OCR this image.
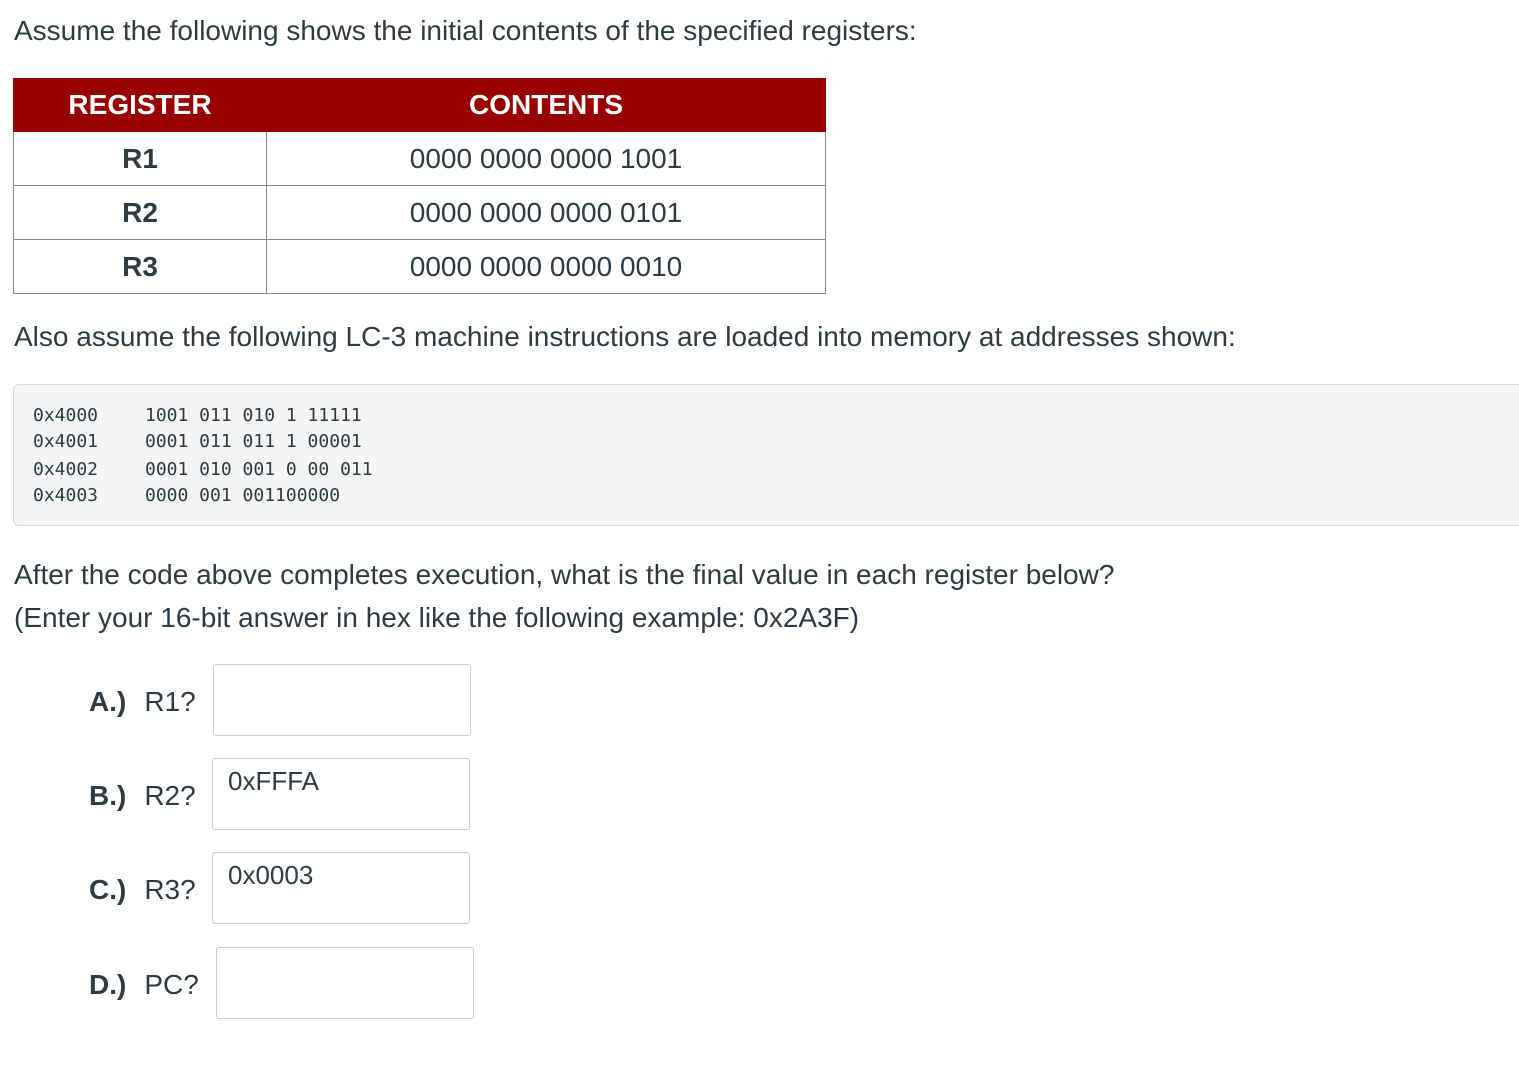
Assume the following shows the initial contents of the specified registers:

REGISTER	CONTENTS
R1	0000 0000 0000 1001
R2	0000 0000 0000 0101
R3	0000 0000 0000 0010

Also assume the following LC-3 machine instructions are loaded into memory at addresses shown:

0x4000	1001 011 010 1 11111
0x4001	0001 011 011 1 00001
0x4002	0001 010 001 0 00 011
0x4003	0000 001 001100000
After the code above completes execution, what is the final value in each register below?
(Enter your 16-bit answer in hex like the following example: 0x2A3F)
A.) R1?
B.) R2?
0xFFFA
C.) R3?
0x0003
D.) PC?
